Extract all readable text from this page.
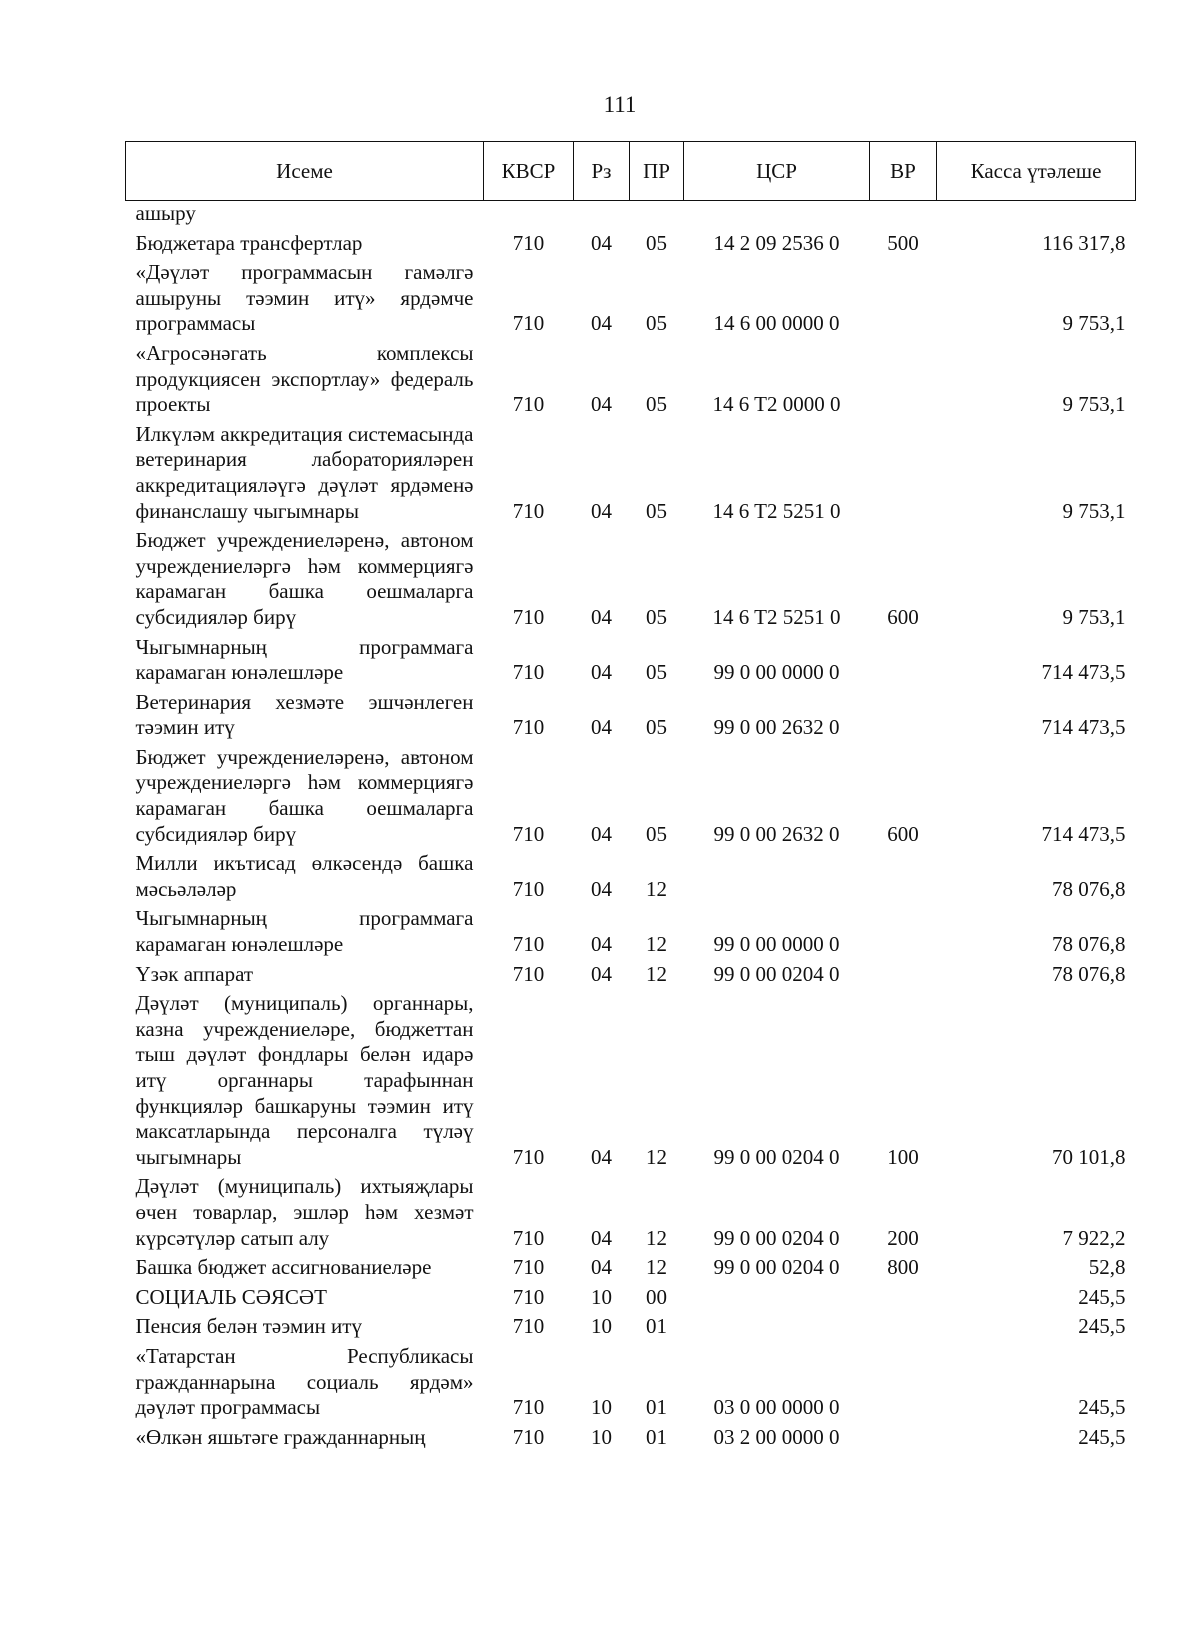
111
Исеме	КВСР	Рз	ПР	ЦСР	ВР	Касса үтәлеше
ашыру						
Бюджетара трансфертлар	710	04	05	14 2 09 2536 0	500	116 317,8
«Дәүләт программасын гамәлгә ашыруны тәэмин итү» ярдәмче программасы	710	04	05	14 6 00 0000 0		9 753,1
«Агросәнәгать комплексы продукциясен экспортлау» федераль проекты	710	04	05	14 6 T2 0000 0		9 753,1
Илкүләм аккредитация системасында ветеринария лабораторияләрен аккредитацияләүгә дәүләт ярдәменә финанслашу чыгымнары	710	04	05	14 6 T2 5251 0		9 753,1
Бюджет учреждениеләренә, автоном учреждениеләргә һәм коммерциягә карамаган башка оешмаларга субсидияләр бирү	710	04	05	14 6 T2 5251 0	600	9 753,1
Чыгымнарның программага карамаган юнәлешләре	710	04	05	99 0 00 0000 0		714 473,5
Ветеринария хезмәте эшчәнлеген тәэмин итү	710	04	05	99 0 00 2632 0		714 473,5
Бюджет учреждениеләренә, автоном учреждениеләргә һәм коммерциягә карамаган башка оешмаларга субсидияләр бирү	710	04	05	99 0 00 2632 0	600	714 473,5
Милли икътисад өлкәсендә башка мәсьәләләр	710	04	12			78 076,8
Чыгымнарның программага карамаган юнәлешләре	710	04	12	99 0 00 0000 0		78 076,8
Үзәк аппарат	710	04	12	99 0 00 0204 0		78 076,8
Дәүләт (муниципаль) органнары, казна учреждениеләре, бюджеттан тыш дәүләт фондлары белән идарә итү органнары тарафыннан функцияләр башкаруны тәэмин итү максатларында персоналга түләү чыгымнары	710	04	12	99 0 00 0204 0	100	70 101,8
Дәүләт (муниципаль) ихтыяҗлары өчен товарлар, эшләр һәм хезмәт күрсәтүләр сатып алу	710	04	12	99 0 00 0204 0	200	7 922,2
Башка бюджет ассигнованиеләре	710	04	12	99 0 00 0204 0	800	52,8
СОЦИАЛЬ СӘЯСӘТ	710	10	00			245,5
Пенсия белән тәэмин итү	710	10	01			245,5
«Татарстан Республикасы гражданнарына социаль ярдәм» дәүләт программасы	710	10	01	03 0 00 0000 0		245,5
«Өлкән яшьтәге гражданнарның	710	10	01	03 2 00 0000 0		245,5
